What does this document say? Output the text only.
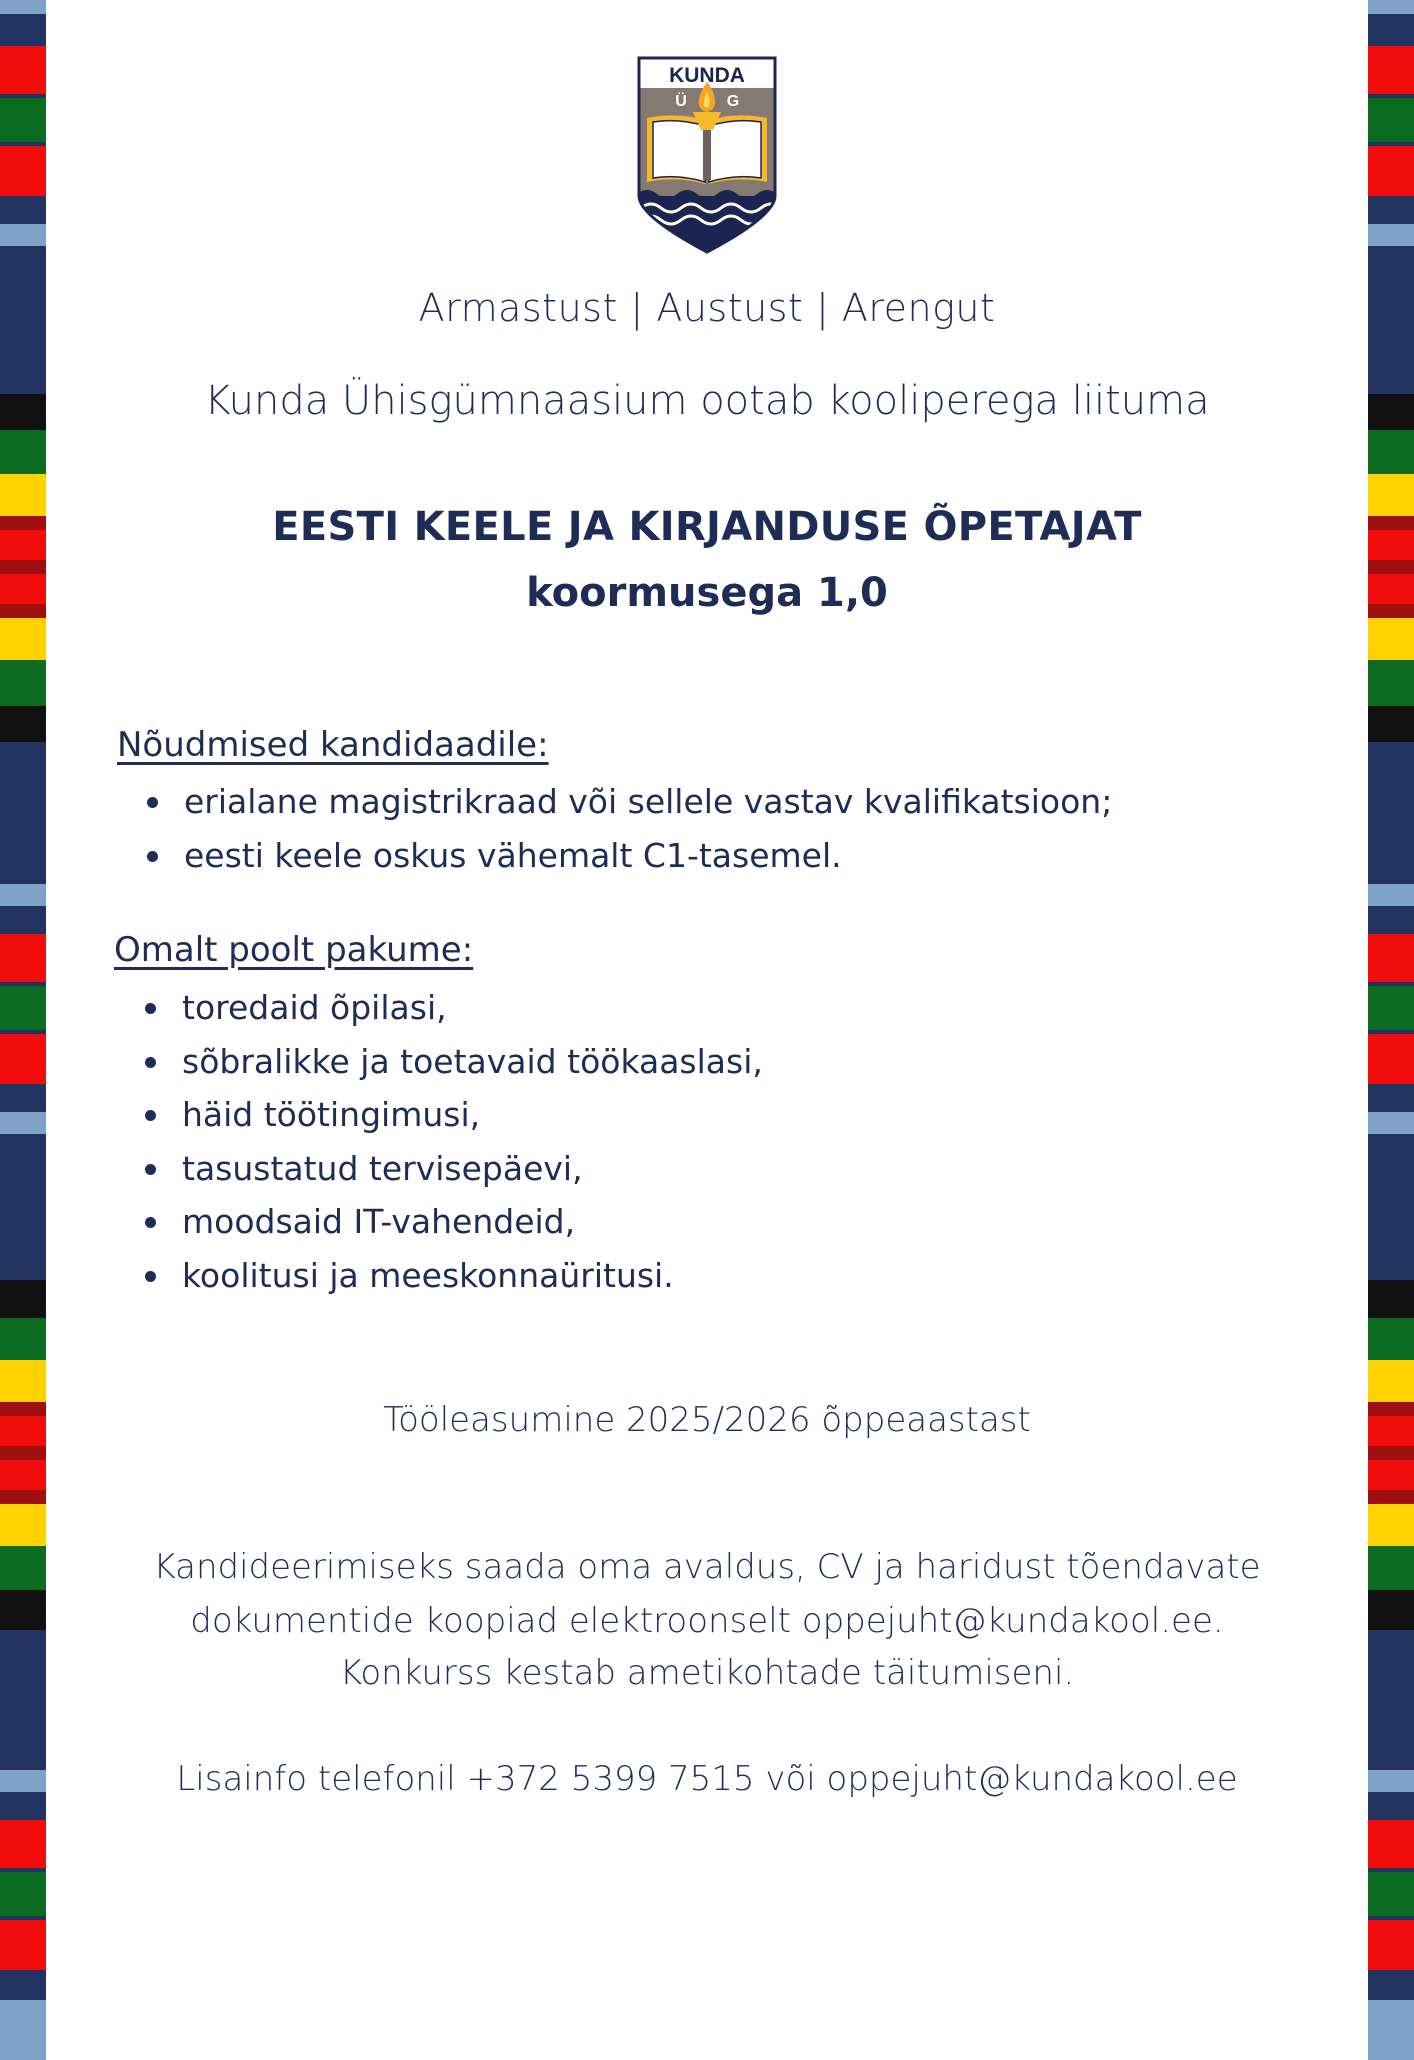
KUNDA
Ü G
Armastust | Austust | Arengut
Kunda Ühisgümnaasium ootab kooliperega liituma
EESTI KEELE JA KIRJANDUSE ÕPETAJAT
koormusega 1,0
Nõudmised kandidaadile:
erialane magistrikraad või sellele vastav kvalifikatsioon;
eesti keele oskus vähemalt C1-tasemel.
Omalt poolt pakume:
toredaid õpilasi,
sõbralikke ja toetavaid töökaaslasi,
häid töötingimusi,
tasustatud tervisepäevi,
moodsaid IT-vahendeid,
koolitusi ja meeskonnaüritusi.
Tööleasumine 2025/2026 õppeaastast
Kandideerimiseks saada oma avaldus, CV ja haridust tõendavate
dokumentide koopiad elektroonselt oppejuht@kundakool.ee.
Konkurss kestab ametikohtade täitumiseni.
Lisainfo telefonil +372 5399 7515 või oppejuht@kundakool.ee
